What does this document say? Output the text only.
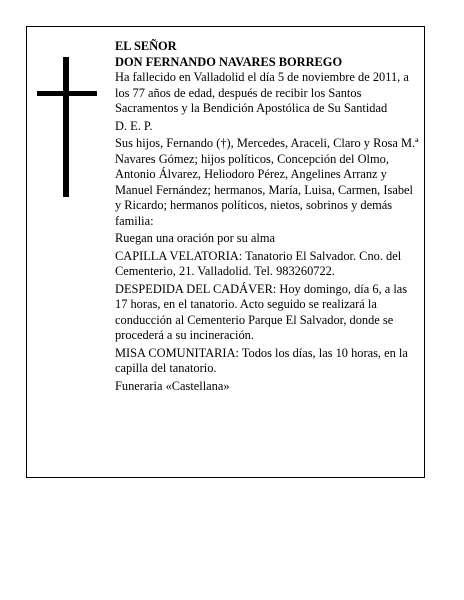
EL SEÑOR

DON FERNANDO NAVARES BORREGO

Ha fallecido en Valladolid el día 5 de noviembre de 2011, a los 77 años de edad, después de recibir los Santos Sacramentos y la Bendición Apostólica de Su Santidad

D. E. P.

Sus hijos, Fernando (†), Mercedes, Araceli, Claro y Rosa M.ª Navares Gómez; hijos políticos, Concepción del Olmo, Antonio Álvarez, Heliodoro Pérez, Angelines Arranz y Manuel Fernández; hermanos, María, Luisa, Carmen, Isabel y Ricardo; hermanos políticos, nietos, sobrinos y demás familia:

Ruegan una oración por su alma

CAPILLA VELATORIA: Tanatorio El Salvador. Cno. del Cementerio, 21. Valladolid. Tel. 983260722.

DESPEDIDA DEL CADÁVER: Hoy domingo, día 6, a las 17 horas, en el tanatorio. Acto seguido se realizará la conducción al Cementerio Parque El Salvador, donde se procederá a su incineración.

MISA COMUNITARIA: Todos los días, las 10 horas, en la capilla del tanatorio.

Funeraria «Castellana»
